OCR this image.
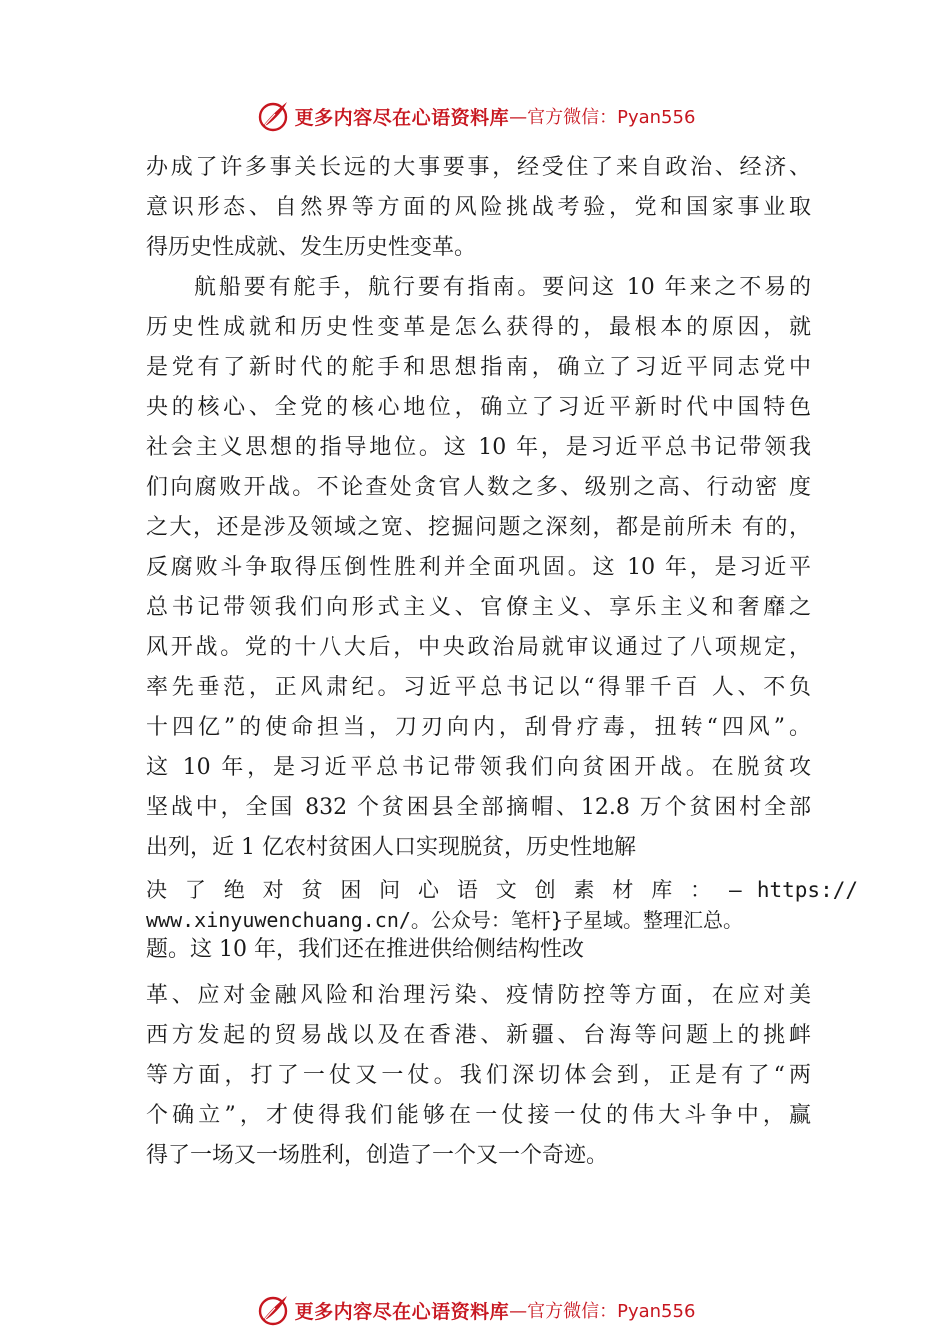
更多内容尽在心语资料库 —官方微信：Pyan556
办成了许多事关长远的大事要事，经受住了来自政治、经济、
意识形态、自然界等方面的风险挑战考验，党和国家事业取
得历史性成就、发生历史性变革。
航船要有舵手，航行要有指南。要问这 10 年来之不易的
历史性成就和历史性变革是怎么获得的，最根本的原因，就
是党有了新时代的舵手和思想指南，确立了习近平同志党中
央的核心、全党的核心地位，确立了习近平新时代中国特色
社会主义思想的指导地位。这 10 年，是习近平总书记带领我
们向腐败开战。不论查处贪官人数之多、级别之高、行动密 度
之大，还是涉及领域之宽、挖掘问题之深刻，都是前所未 有的，
反腐败斗争取得压倒性胜利并全面巩固。这 10 年，是习近平
总书记带领我们向形式主义、官僚主义、享乐主义和奢靡之
风开战。党的十八大后，中央政治局就审议通过了八项规定，
率先垂范，正风肃纪。习近平总书记以“得罪千百 人、不负
十四亿”的使命担当，刀刃向内，刮骨疗毒，扭转“四风”。
这 10 年，是习近平总书记带领我们向贫困开战。在脱贫攻
坚战中，全国 832 个贫困县全部摘帽、12.8 万个贫困村全部
出列，近 1 亿农村贫困人口实现脱贫，历史性地解
决 了 绝 对 贫 困 问 心 语 文 创 素 材 库 ： — https://
www.xinyuwenchuang.cn/。公众号：笔杆}子星域。整理汇总。
题。这 10 年，我们还在推进供给侧结构性改
革、应对金融风险和治理污染、疫情防控等方面，在应对美
西方发起的贸易战以及在香港、新疆、台海等问题上的挑衅
等方面，打了一仗又一仗。我们深切体会到，正是有了“两
个确立”，才使得我们能够在一仗接一仗的伟大斗争中，赢
得了一场又一场胜利，创造了一个又一个奇迹。
更多内容尽在心语资料库 —官方微信：Pyan556
